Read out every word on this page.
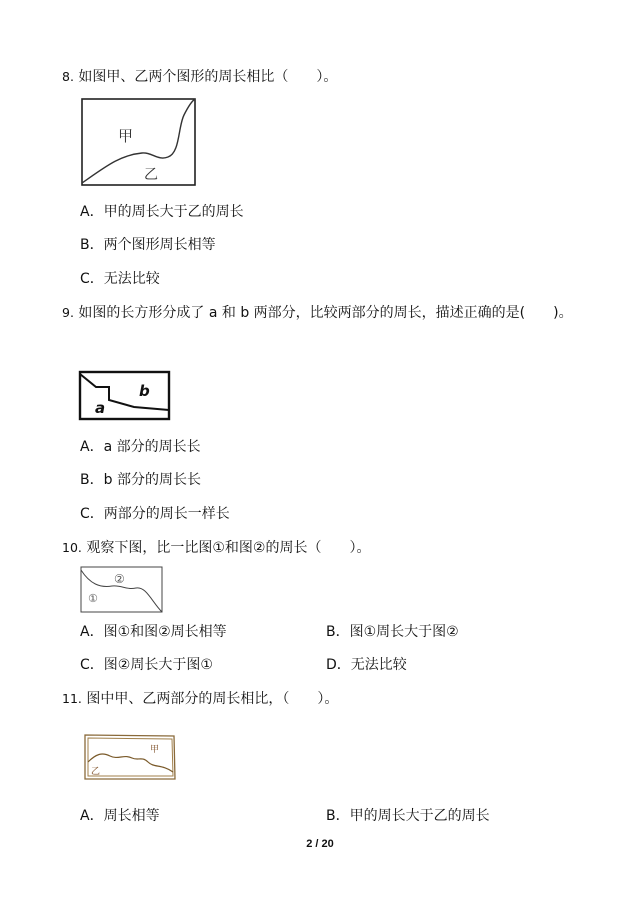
8. 如图甲、乙两个图形的周长相比（　　）。
甲
乙
A．甲的周长大于乙的周长
B．两个图形周长相等
C．无法比较
9. 如图的长方形分成了 a 和 b 两部分，比较两部分的周长，描述正确的是(　　)。
a
b
A．a 部分的周长长
B．b 部分的周长长
C．两部分的周长一样长
10. 观察下图，比一比图①和图②的周长（　　）。
①
②
A．图①和图②周长相等	B．图①周长大于图②
C．图②周长大于图①	D．无法比较
11. 图中甲、乙两部分的周长相比，（　　）。
甲
乙
A．周长相等	B．甲的周长大于乙的周长
2 / 20
